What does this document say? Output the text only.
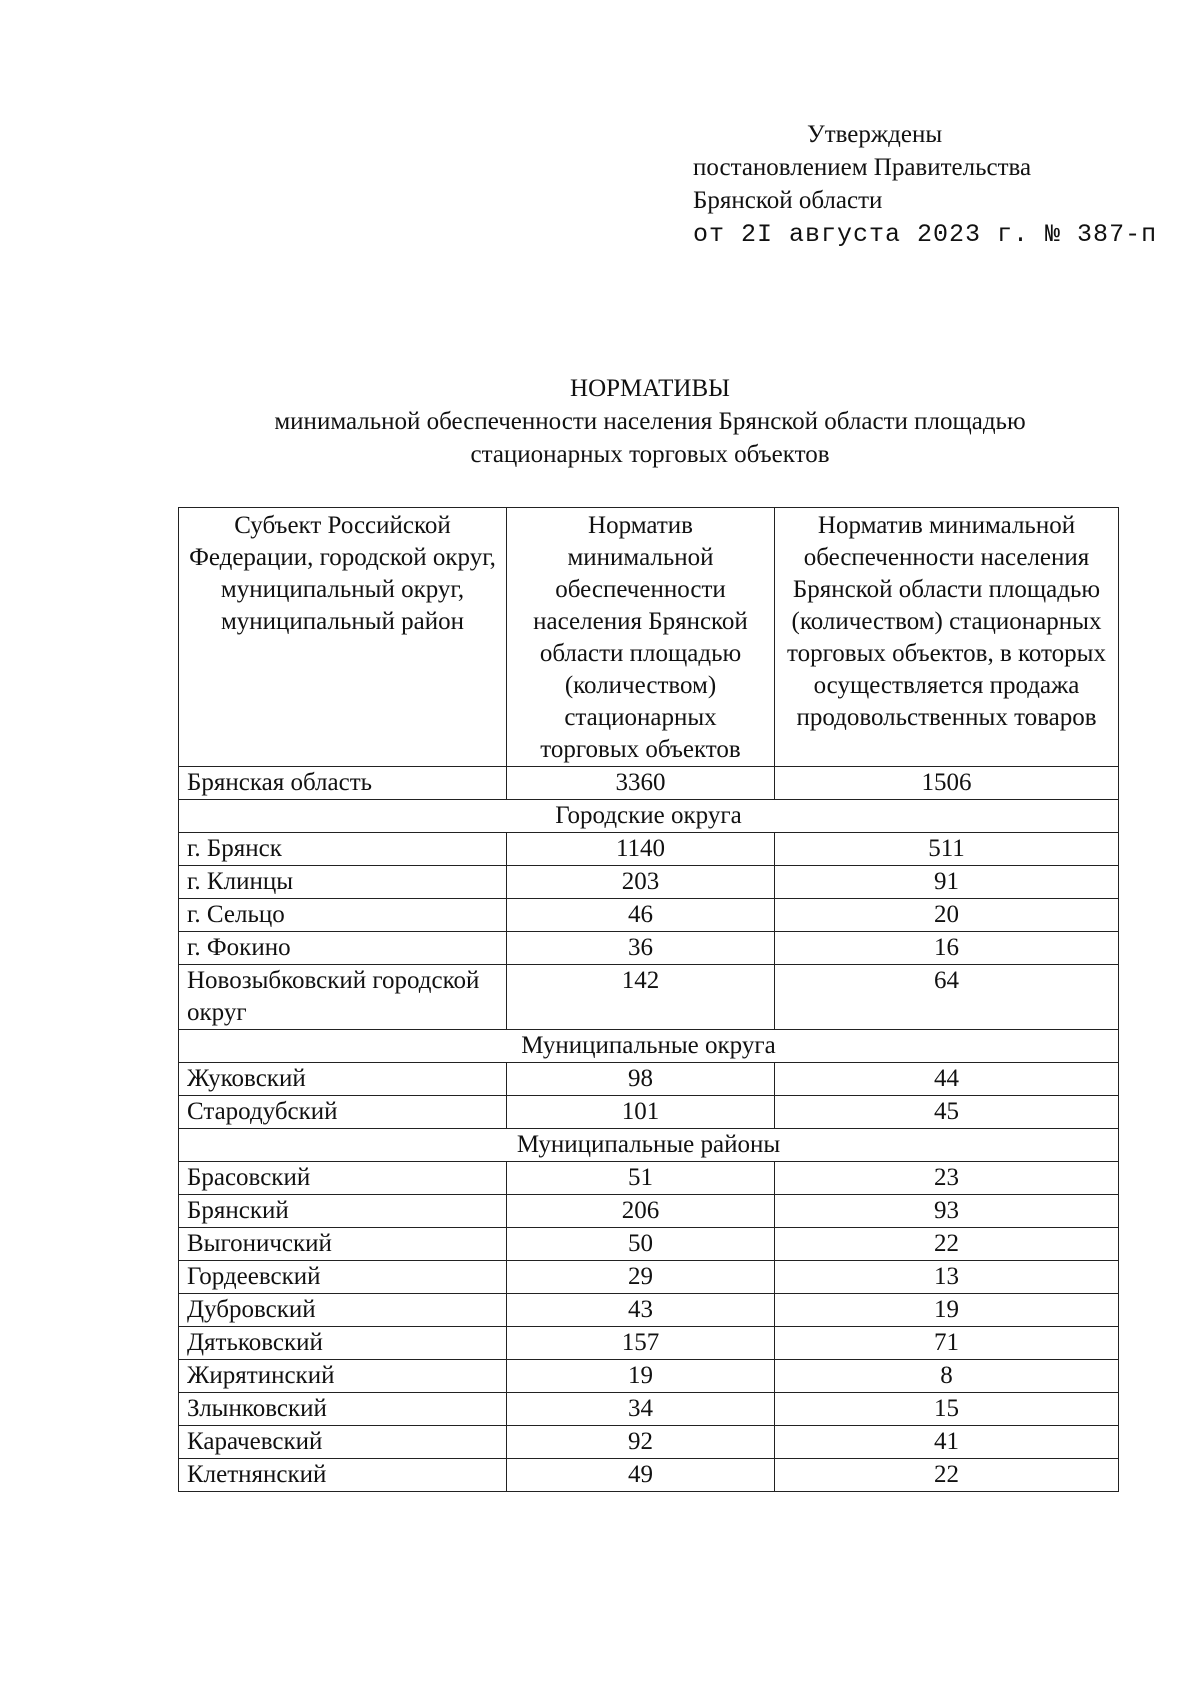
Утверждены
постановлением Правительства
Брянской области
от 2I августа 2023 г. № 387-п
НОРМАТИВЫ
минимальной обеспеченности населения Брянской области площадью
стационарных торговых объектов
Субъект Российской Федерации, городской округ, муниципальный округ, муниципальный район	Норматив минимальной обеспеченности населения Брянской области площадью (количеством) стационарных торговых объектов	Норматив минимальной обеспеченности населения Брянской области площадью (количеством) стационарных торговых объектов, в которых осуществляется продажа продовольственных товаров
Брянская область	3360	1506
Городские округа		
г. Брянск	1140	511
г. Клинцы	203	91
г. Сельцо	46	20
г. Фокино	36	16
Новозыбковский городской округ	142	64
Муниципальные округа		
Жуковский	98	44
Стародубский	101	45
Муниципальные районы		
Брасовский	51	23
Брянский	206	93
Выгоничский	50	22
Гордеевский	29	13
Дубровский	43	19
Дятьковский	157	71
Жирятинский	19	8
Злынковский	34	15
Карачевский	92	41
Клетнянский	49	22
